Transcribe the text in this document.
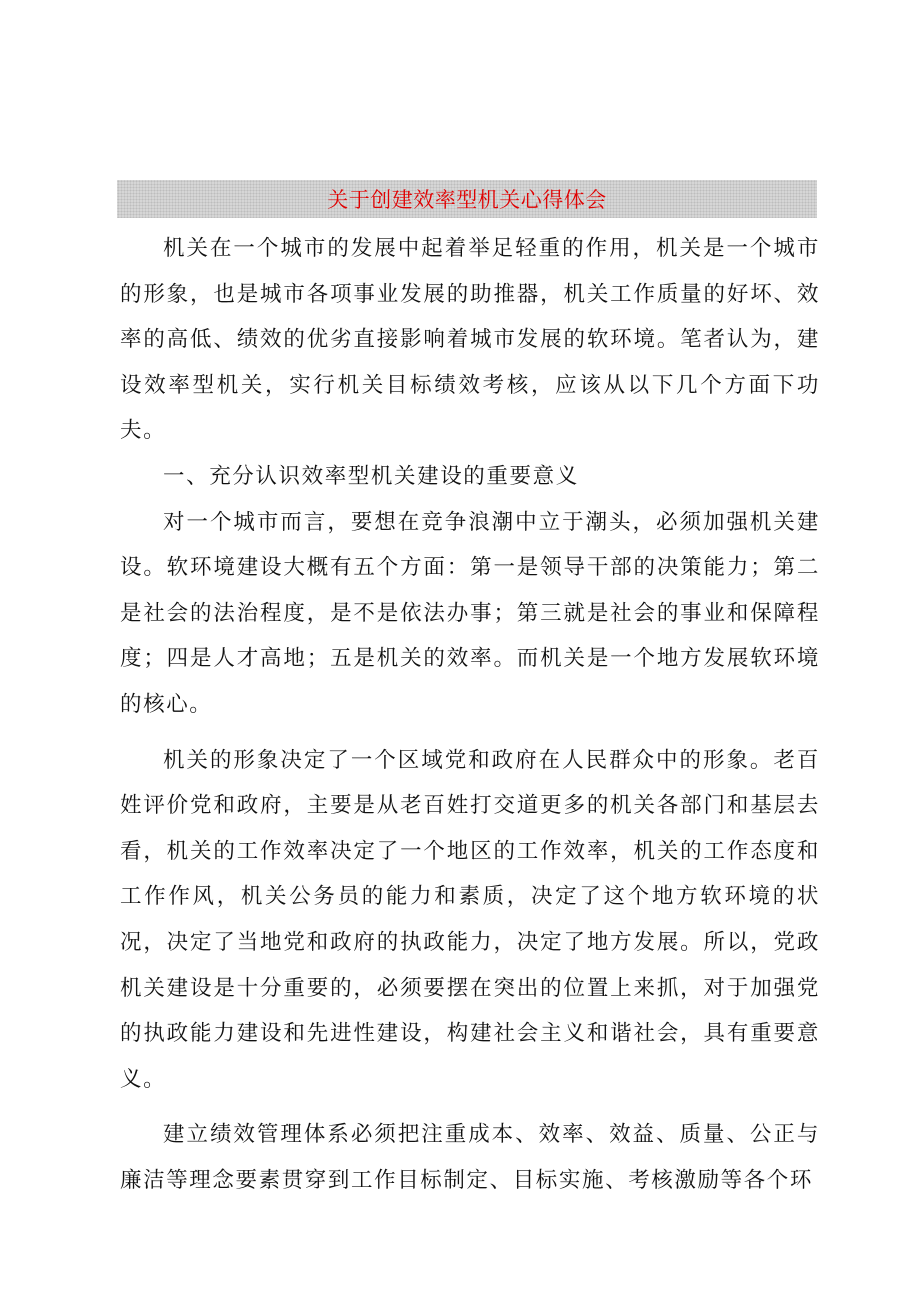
关于创建效率型机关心得体会

机关在一个城市的发展中起着举足轻重的作用，机关是一个城市的形象，也是城市各项事业发展的助推器，机关工作质量的好坏、效率的高低、绩效的优劣直接影响着城市发展的软环境。笔者认为，建设效率型机关，实行机关目标绩效考核，应该从以下几个方面下功夫。

一、充分认识效率型机关建设的重要意义

对一个城市而言，要想在竞争浪潮中立于潮头，必须加强机关建设。软环境建设大概有五个方面：第一是领导干部的决策能力；第二是社会的法治程度，是不是依法办事；第三就是社会的事业和保障程度；四是人才高地；五是机关的效率。而机关是一个地方发展软环境的核心。

机关的形象决定了一个区域党和政府在人民群众中的形象。老百姓评价党和政府，主要是从老百姓打交道更多的机关各部门和基层去看，机关的工作效率决定了一个地区的工作效率，机关的工作态度和工作作风，机关公务员的能力和素质，决定了这个地方软环境的状况，决定了当地党和政府的执政能力，决定了地方发展。所以，党政机关建设是十分重要的，必须要摆在突出的位置上来抓，对于加强党的执政能力建设和先进性建设，构建社会主义和谐社会，具有重要意义。

建立绩效管理体系必须把注重成本、效率、效益、质量、公正与廉洁等理念要素贯穿到工作目标制定、目标实施、考核激励等各个环
